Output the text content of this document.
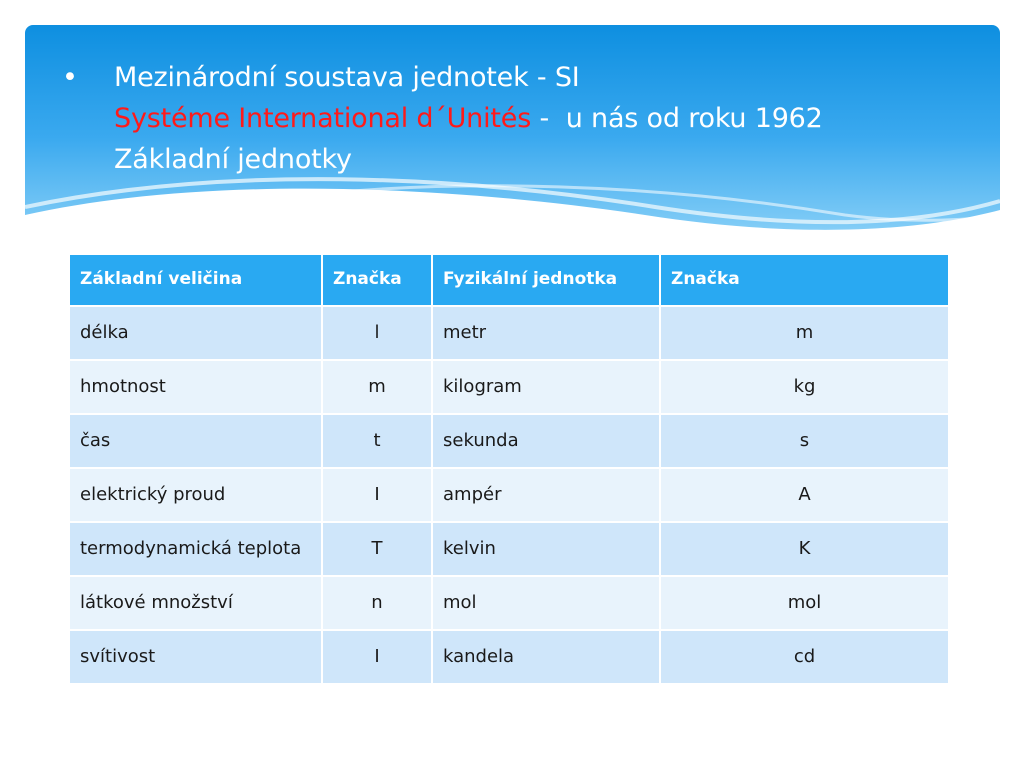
• Mezinárodní soustava jednotek - SI
Systéme International d´Unités -  u nás od roku 1962
Základní jednotky
Základní veličina	Značka	Fyzikální jednotka	Značka
délka	l	metr	m
hmotnost	m	kilogram	kg
čas	t	sekunda	s
elektrický proud	I	ampér	A
termodynamická teplota	T	kelvin	K
látkové množství	n	mol	mol
svítivost	I	kandela	cd
